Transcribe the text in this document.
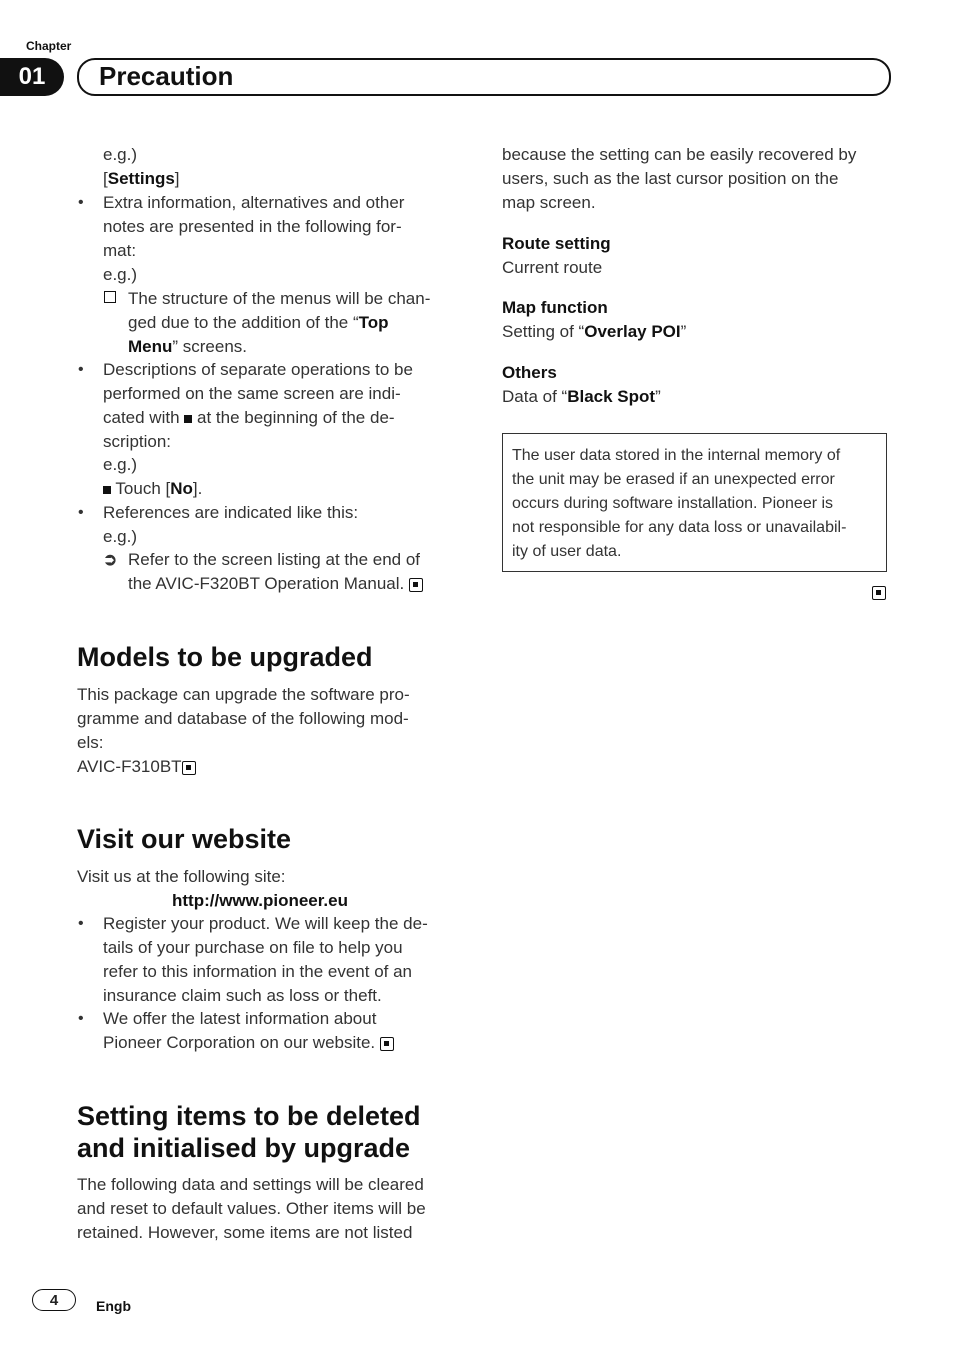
Chapter
01	Precaution
e.g.)
[Settings]
• Extra information, alternatives and other
notes are presented in the following for-
mat:
e.g.)
The structure of the menus will be chan-
ged due to the addition of the “Top
Menu” screens.
• Descriptions of separate operations to be
performed on the same screen are indi-
cated with at the beginning of the de-
scription:
e.g.)
Touch [No].
• References are indicated like this:
e.g.)
➲ Refer to the screen listing at the end of
the AVIC-F320BT Operation Manual.
Models to be upgraded
This package can upgrade the software pro-
gramme and database of the following mod-
els:
AVIC-F310BT
Visit our website
Visit us at the following site:
http://www.pioneer.eu
• Register your product. We will keep the de-
tails of your purchase on file to help you
refer to this information in the event of an
insurance claim such as loss or theft.
• We offer the latest information about
Pioneer Corporation on our website.
Setting items to be deleted
and initialised by upgrade
The following data and settings will be cleared
and reset to default values. Other items will be
retained. However, some items are not listed
because the setting can be easily recovered by
users, such as the last cursor position on the
map screen.
Route setting
Current route
Map function
Setting of “Overlay POI”
Others
Data of “Black Spot”
The user data stored in the internal memory of
the unit may be erased if an unexpected error
occurs during software installation. Pioneer is
not responsible for any data loss or unavailabil-
ity of user data.
4	Engb
